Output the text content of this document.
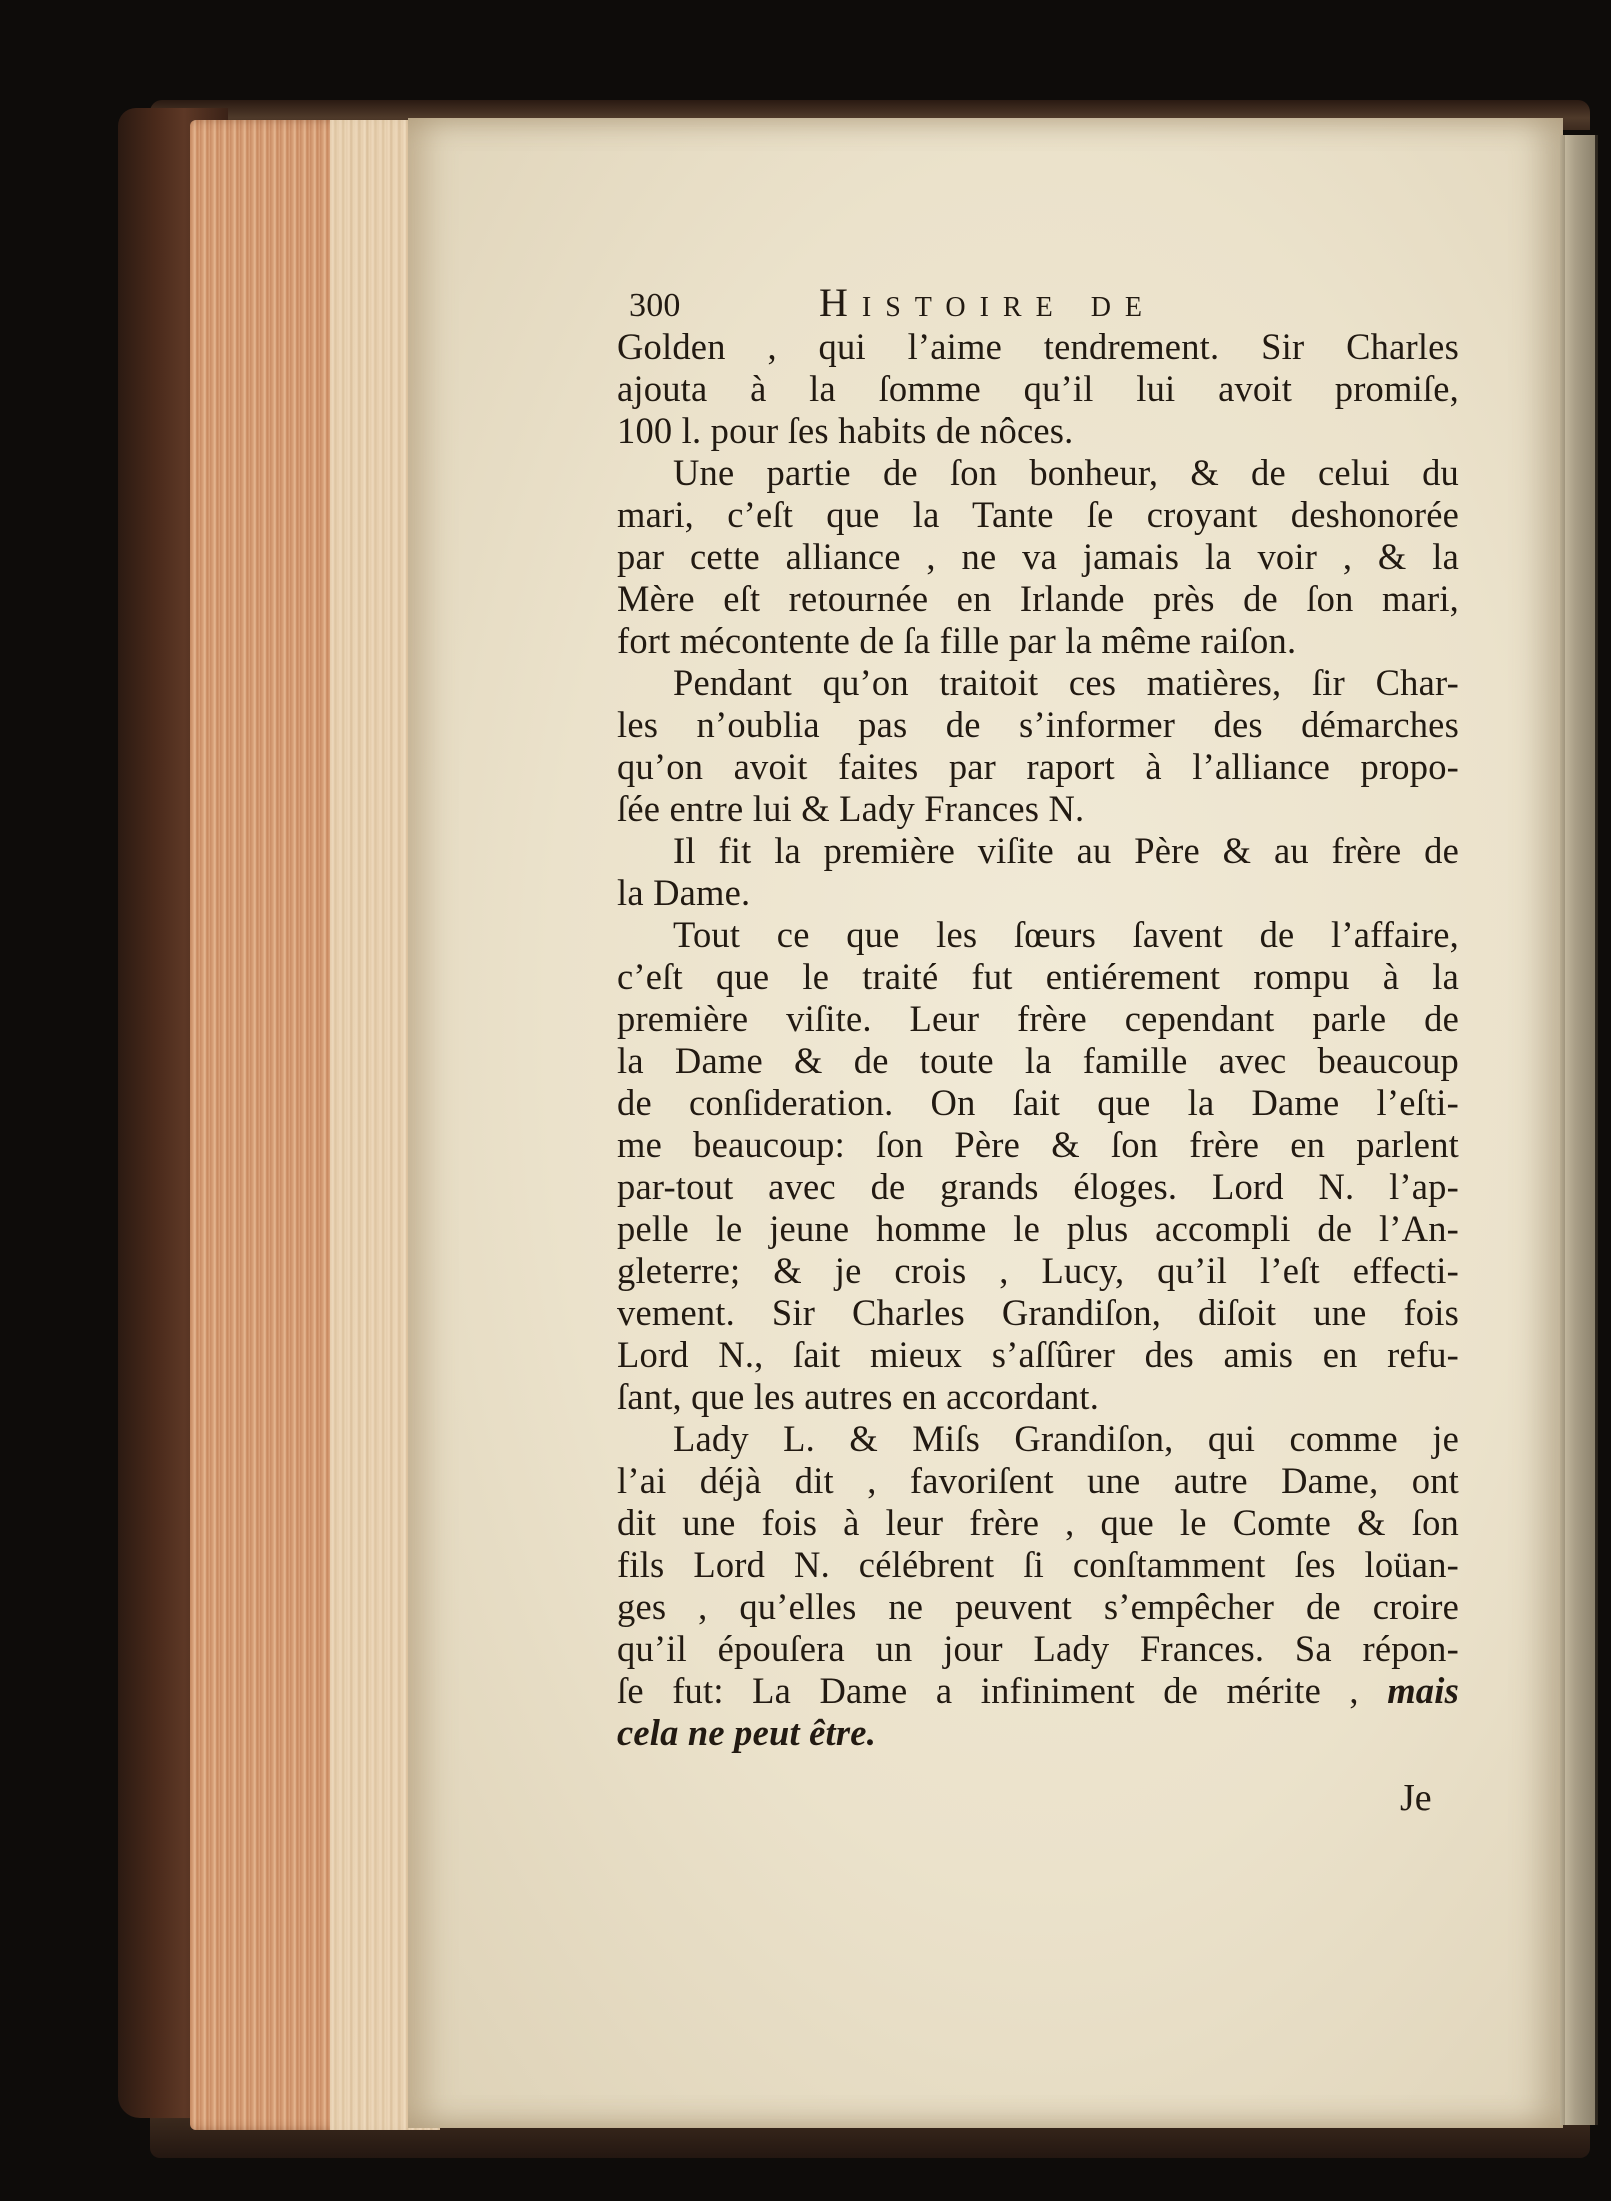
300	Histoire de
Golden , qui l’aime tendrement. Sir Charles
ajouta à la ſomme qu’il lui avoit promiſe,
100 l. pour ſes habits de nôces.
Une partie de ſon bonheur, & de celui du
mari, c’eſt que la Tante ſe croyant deshonorée
par cette alliance , ne va jamais la voir , & la
Mère eſt retournée en Irlande près de ſon mari,
fort mécontente de ſa fille par la même raiſon.
Pendant qu’on traitoit ces matières, ſir Char-
les n’oublia pas de s’informer des démarches
qu’on avoit faites par raport à l’alliance propo-
ſée entre lui & Lady Frances N.
Il fit la première viſite au Père & au frère de
la Dame.
Tout ce que les ſœurs ſavent de l’affaire,
c’eſt que le traité fut entiérement rompu à la
première viſite. Leur frère cependant parle de
la Dame & de toute la famille avec beaucoup
de conſideration. On ſait que la Dame l’eſti-
me beaucoup: ſon Père & ſon frère en parlent
par-tout avec de grands éloges. Lord N. l’ap-
pelle le jeune homme le plus accompli de l’An-
gleterre; & je crois , Lucy, qu’il l’eſt effecti-
vement. Sir Charles Grandiſon, diſoit une fois
Lord N., ſait mieux s’aſſûrer des amis en refu-
ſant, que les autres en accordant.
Lady L. & Miſs Grandiſon, qui comme je
l’ai déjà dit , favoriſent une autre Dame, ont
dit une fois à leur frère , que le Comte & ſon
fils Lord N. célébrent ſi conſtamment ſes loüan-
ges , qu’elles ne peuvent s’empêcher de croire
qu’il épouſera un jour Lady Frances. Sa répon-
ſe fut: La Dame a infiniment de mérite , mais
cela ne peut être.
Je
